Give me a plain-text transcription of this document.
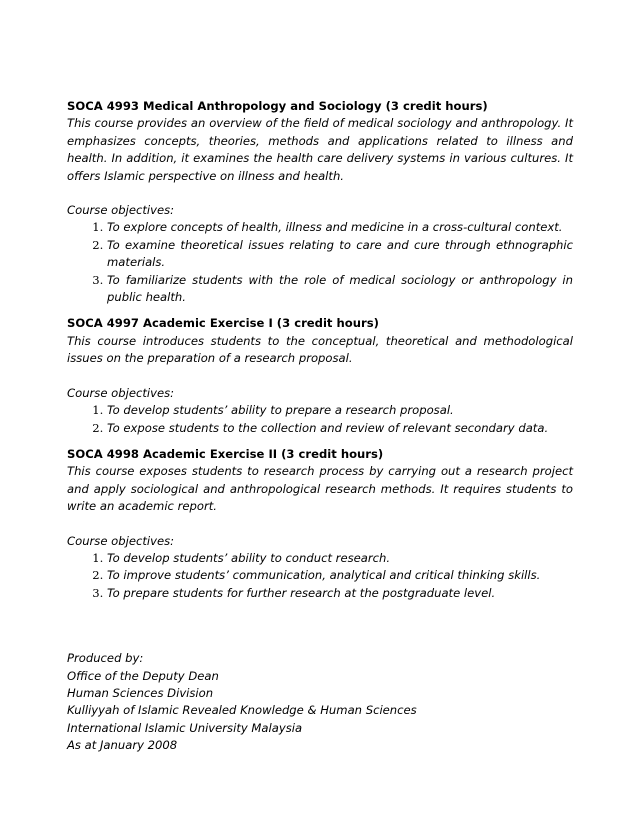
SOCA 4993 Medical Anthropology and Sociology (3 credit hours)

This course provides an overview of the field of medical sociology and anthropology. It emphasizes concepts, theories, methods and applications related to illness and health. In addition, it examines the health care delivery systems in various cultures. It offers Islamic perspective on illness and health.

Course objectives:

1. To explore concepts of health, illness and medicine in a cross-cultural context.
2. To examine theoretical issues relating to care and cure through ethnographic materials.
3. To familiarize students with the role of medical sociology or anthropology in public health.

SOCA 4997 Academic Exercise I (3 credit hours)

This course introduces students to the conceptual, theoretical and methodological issues on the preparation of a research proposal.

Course objectives:

1. To develop students’ ability to prepare a research proposal.
2. To expose students to the collection and review of relevant secondary data.

SOCA 4998 Academic Exercise II (3 credit hours)

This course exposes students to research process by carrying out a research project and apply sociological and anthropological research methods. It requires students to write an academic report.

Course objectives:

1. To develop students’ ability to conduct research.
2. To improve students’ communication, analytical and critical thinking skills.
3. To prepare students for further research at the postgraduate level.

Produced by:

Office of the Deputy Dean

Human Sciences Division

Kulliyyah of Islamic Revealed Knowledge & Human Sciences

International Islamic University Malaysia

As at January 2008
